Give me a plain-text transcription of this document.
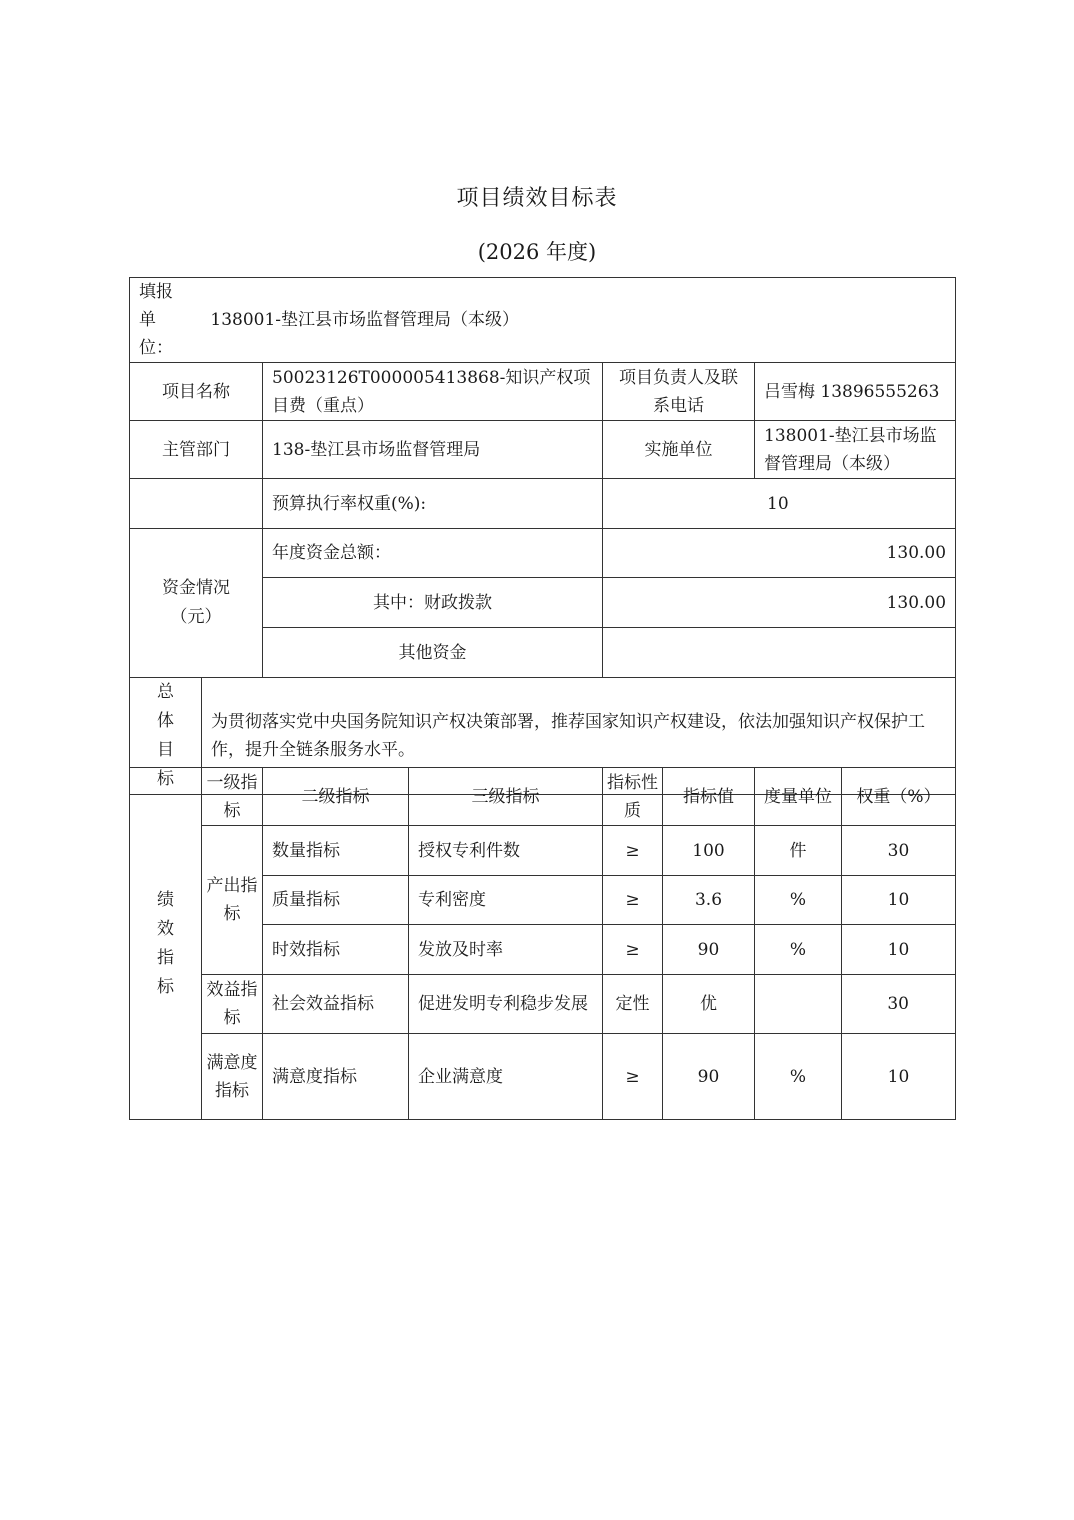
项目绩效目标表
(2026 年度)
填报单位： 138001-垫江县市场监督管理局（本级）				
项目名称		50023126T000005413868-知识产权项目费（重点）	项目负责人及联系电话	吕雪梅 13896555263
主管部门		138-垫江县市场监督管理局	实施单位	138001-垫江县市场监督管理局（本级）
		预算执行率权重(%):	10	
资金情况（元）		年度资金总额：	130.00	
		其中：财政拨款	130.00	
		其他资金		

总体目标	为贯彻落实党中央国务院知识产权决策部署，推荐国家知识产权建设，依法加强知识产权保护工作，提升全链条服务水平。			
绩效指标	一级指标	二级指标	三级指标	指标性质	指标值	度量单位	权重（%）
	产出指标	数量指标	授权专利件数	≥	100	件	30
		质量指标	专利密度	≥	3.6	%	10
		时效指标	发放及时率	≥	90	%	10
	效益指标	社会效益指标	促进发明专利稳步发展	定性	优		30
	满意度指标	满意度指标	企业满意度	≥	90	%	10
